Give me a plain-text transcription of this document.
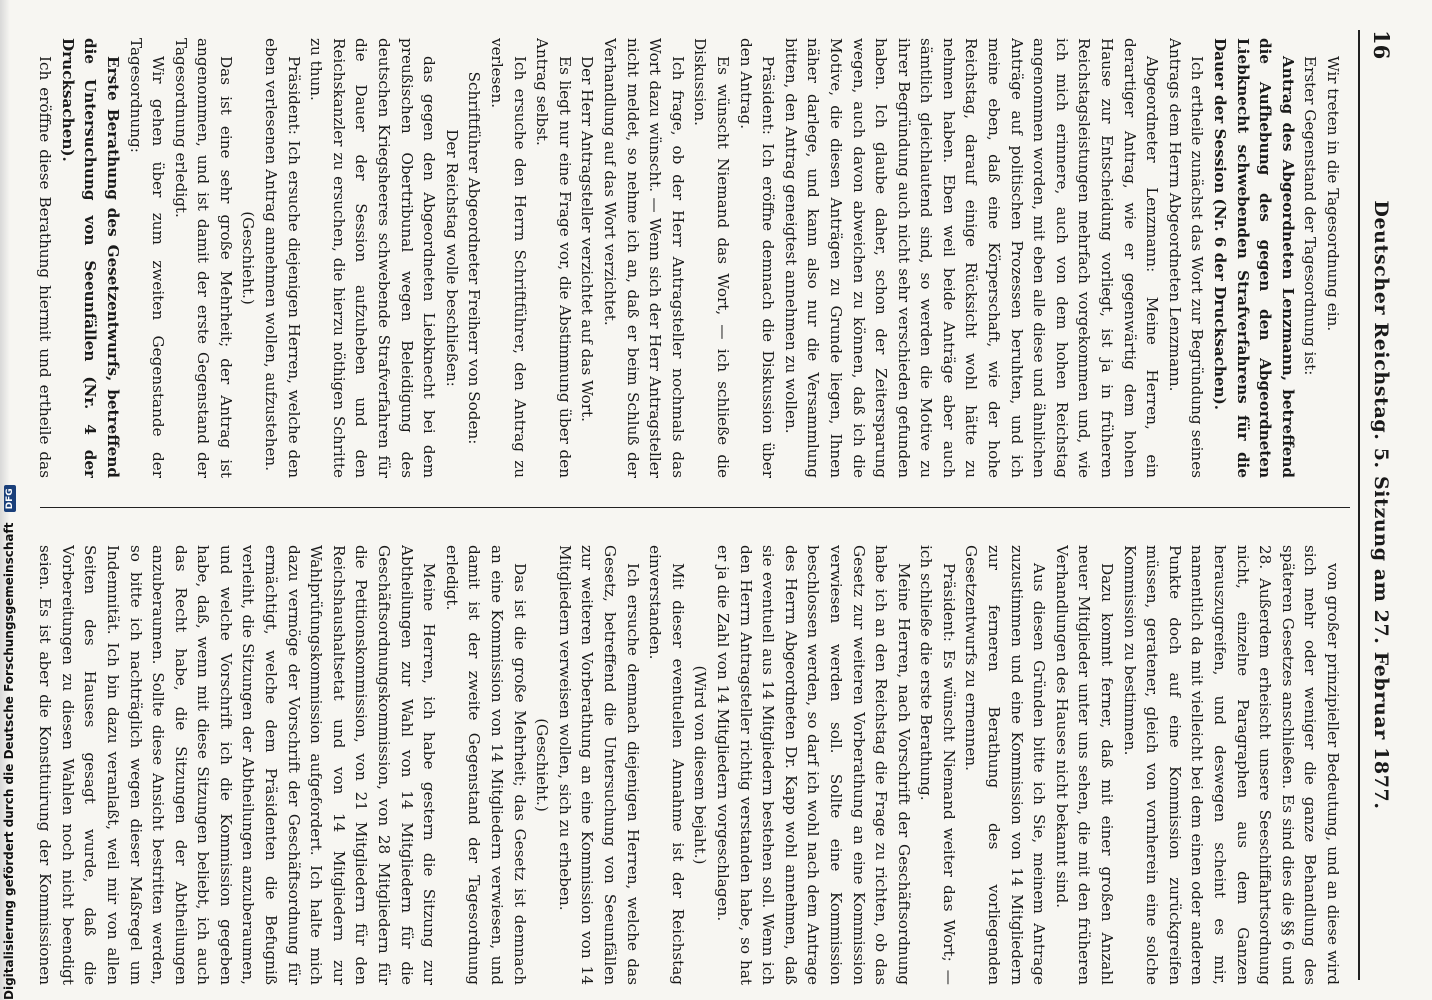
16
Deutscher Reichstag. 5. Sitzung am 27. Februar 1877.

Wir treten in die Tagesordnung ein.

Erster Gegenstand der Tagesordnung ist:

Antrag des Abgeordneten Lenzmann, betreffend die Aufhebung des gegen den Abgeordneten Liebknecht schwebenden Strafverfahrens für die Dauer der Session (Nr. 6 der Drucksachen).

Ich ertheile zunächst das Wort zur Begründung seines Antrags dem Herrn Abgeordneten Lenzmann.

Abgeordneter Lenzmann: Meine Herren, ein derartiger Antrag, wie er gegenwärtig dem hohen Hause zur Entscheidung vorliegt, ist ja in früheren Reichstagsleistungen mehrfach vorgekommen und, wie ich mich erinnere, auch von dem hohen Reichstag angenommen worden, mit eben alle diese und ähnlichen Anträge auf politischen Prozessen beruhten, und ich meine eben, daß eine Körperschaft, wie der hohe Reichstag, darauf einige Rücksicht wohl hätte zu nehmen haben. Eben weil beide Anträge aber auch sämtlich gleichlautend sind, so werden die Motive zu ihrer Begründung auch nicht sehr verschieden gefunden haben. Ich glaube daher, schon der Zeitersparung wegen, auch davon abweichen zu können, daß ich die Motive, die diesen Anträgen zu Grunde liegen, Ihnen näher darlege, und kann also nur die Versammlung bitten, den Antrag geneigtest annehmen zu wollen.

Präsident: Ich eröffne demnach die Diskussion über den Antrag.

Es wünscht Niemand das Wort, — ich schließe die Diskussion.

Ich frage, ob der Herr Antragsteller nochmals das Wort dazu wünscht. — Wenn sich der Herr Antragsteller nicht meldet, so nehme ich an, daß er beim Schluß der Verhandlung auf das Wort verzichtet.

Der Herr Antragsteller verzichtet auf das Wort.

Es liegt nur eine Frage vor, die Abstimmung über den Antrag selbst.

Ich ersuche den Herrn Schriftführer, den Antrag zu verlesen.

Schriftführer Abgeordneter Freiherr von Soden:

Der Reichstag wolle beschließen:

das gegen den Abgeordneten Liebknecht bei dem preußischen Obertribunal wegen Beleidigung des deutschen Kriegsheeres schwebende Strafverfahren für die Dauer der Session aufzuheben und den Reichskanzler zu ersuchen, die hierzu nöthigen Schritte zu thun.

Präsident: Ich ersuche diejenigen Herren, welche den eben verlesenen Antrag annehmen wollen, aufzustehen.

(Geschieht.)

Das ist eine sehr große Mehrheit; der Antrag ist angenommen, und ist damit der erste Gegenstand der Tagesordnung erledigt.

Wir gehen über zum zweiten Gegenstande der Tagesordnung:

Erste Berathung des Gesetzentwurfs, betreffend die Untersuchung von Seeunfällen (Nr. 4 der Drucksachen).

Ich eröffne diese Berathung hiermit und ertheile das

von großer prinzipieller Bedeutung, und an diese wird sich mehr oder weniger die ganze Behandlung des späteren Gesetzes anschließen. Es sind dies die §§ 6 und 28. Außerdem erheischt unsere Seeschiffahrtsordnung nicht, einzelne Paragraphen aus dem Ganzen herauszugreifen, und deswegen scheint es mir, namentlich da mit vielleicht bei dem einen oder anderen Punkte doch auf eine Kommission zurückgreifen müssen, geratener, gleich von vornherein eine solche Kommission zu bestimmen.

Dazu kommt ferner, daß mit einer großen Anzahl neuer Mitglieder unter uns sehen, die mit den früheren Verhandlungen des Hauses nicht bekannt sind.

Aus diesen Gründen bitte ich Sie, meinem Antrage zuzustimmen und eine Kommission von 14 Mitgliedern zur ferneren Berathung des vorliegenden Gesetzentwurfs zu ernennen.

Präsident: Es wünscht Niemand weiter das Wort; — ich schließe die erste Berathung.

Meine Herren, nach Vorschrift der Geschäftsordnung habe ich an den Reichstag die Frage zu richten, ob das Gesetz zur weiteren Vorberathung an eine Kommission verwiesen werden soll. Sollte eine Kommission beschlossen werden, so darf ich wohl nach dem Antrage des Herrn Abgeordneten Dr. Kapp wohl annehmen, daß sie eventuell aus 14 Mitgliedern bestehen soll. Wenn ich den Herrn Antragsteller richtig verstanden habe, so hat er ja die Zahl von 14 Mitgliedern vorgeschlagen.

(Wird von diesem bejaht.)

Mit dieser eventuellen Annahme ist der Reichstag einverstanden.

Ich ersuche demnach diejenigen Herren, welche das Gesetz, betreffend die Untersuchung von Seeunfällen zur weiteren Vorberathung an eine Kommission von 14 Mitgliedern verweisen wollen, sich zu erheben.

(Geschieht.)

Das ist die große Mehrheit; das Gesetz ist demnach an eine Kommission von 14 Mitgliedern verwiesen, und damit ist der zweite Gegenstand der Tagesordnung erledigt.

Meine Herren, ich habe gestern die Sitzung zur Abtheilungen zur Wahl von 14 Mitgliedern für die Geschäftsordnungskommission, von 28 Mitgliedern für die Petitionskommission, von 21 Mitgliedern für den Reichshaushaltsetat und von 14 Mitgliedern zur Wahlprüfungskommission aufgefordert. Ich halte mich dazu vermöge der Vorschrift der Geschäftsordnung für ermächtigt, welche dem Präsidenten die Befugniß verleiht, die Sitzungen der Abtheilungen anzuberaumen, und welche Vorschrift ich die Kommission gegeben habe, daß, wenn mit diese Sitzungen beliebt, ich auch das Recht habe, die Sitzungen der Abtheilungen anzuberaumen. Sollte diese Ansicht bestritten werden, so bitte ich nachträglich wegen dieser Maßregel um Indemnität. Ich bin dazu veranlaßt, weil mir von allen Seiten des Hauses gesagt wurde, daß die Vorbereitungen zu diesen Wahlen noch nicht beendigt seien. Es ist aber die Konstituirung der Kommissionen

Digitalisierung gefördert durch die Deutsche Forschungsgemeinschaft DFG
